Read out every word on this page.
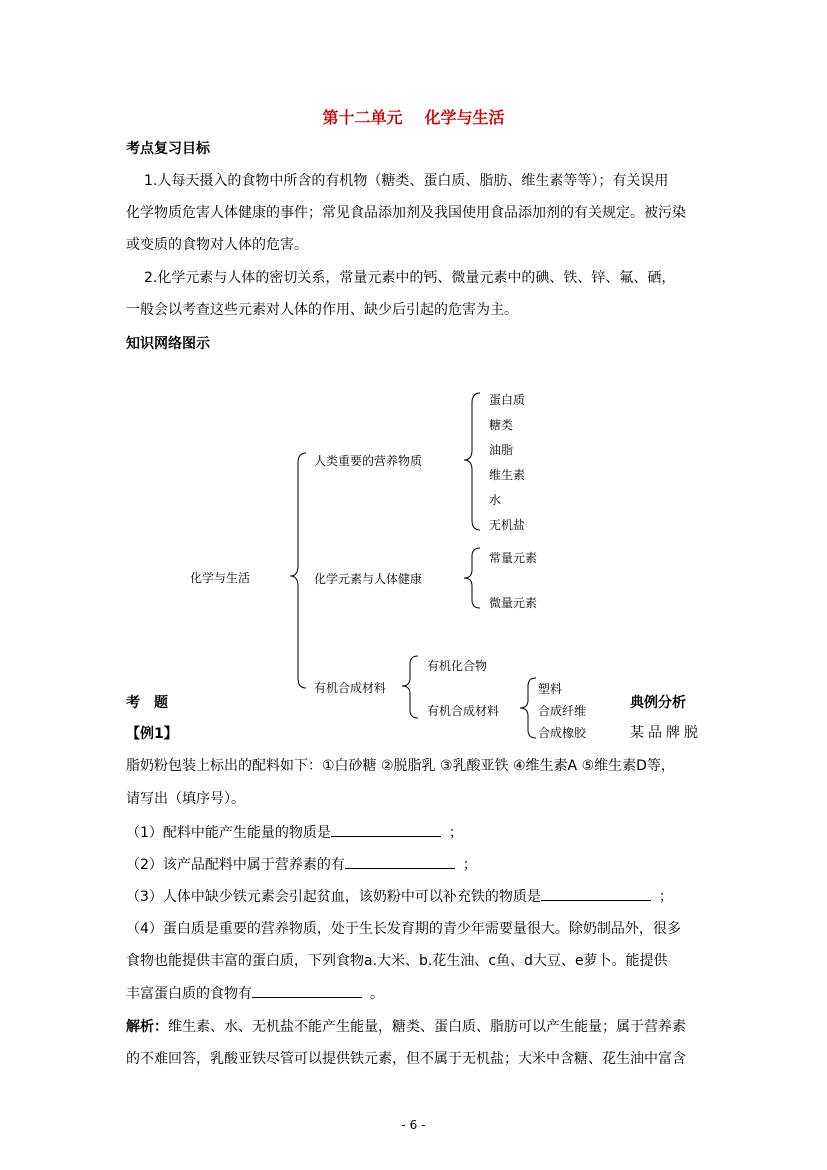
第十二单元 化学与生活
考点复习目标
1.人每天摄入的食物中所含的有机物（糖类、蛋白质、脂肪、维生素等等）；有关误用
化学物质危害人体健康的事件；常见食品添加剂及我国使用食品添加剂的有关规定。被污染
或变质的食物对人体的危害。
2.化学元素与人体的密切关系，常量元素中的钙、微量元素中的碘、铁、锌、氟、硒，
一般会以考查这些元素对人体的作用、缺少后引起的危害为主。
知识网络图示
化学与生活
人类重要的营养物质
蛋白质
糖类
油脂
维生素
水
无机盐
化学元素与人体健康
常量元素
微量元素
有机合成材料
有机化合物
有机合成材料
塑料
合成纤维
合成橡胶
考　题	典例分析
【例1】	某品牌脱
脂奶粉包装上标出的配料如下：①白砂糖 ②脱脂乳 ③乳酸亚铁 ④维生素A ⑤维生素D等，
请写出（填序号）。
（1）配料中能产生能量的物质是	；
（2）该产品配料中属于营养素的有	；
（3）人体中缺少铁元素会引起贫血，该奶粉中可以补充铁的物质是	；
（4）蛋白质是重要的营养物质，处于生长发育期的青少年需要量很大。除奶制品外，很多
食物也能提供丰富的蛋白质，下列食物a.大米、b.花生油、c鱼、d大豆、e萝卜。能提供
丰富蛋白质的食物有	。
解析：维生素、水、无机盐不能产生能量，糖类、蛋白质、脂肪可以产生能量；属于营养素
的不难回答，乳酸亚铁尽管可以提供铁元素，但不属于无机盐；大米中含糖、花生油中富含
- 6 -
